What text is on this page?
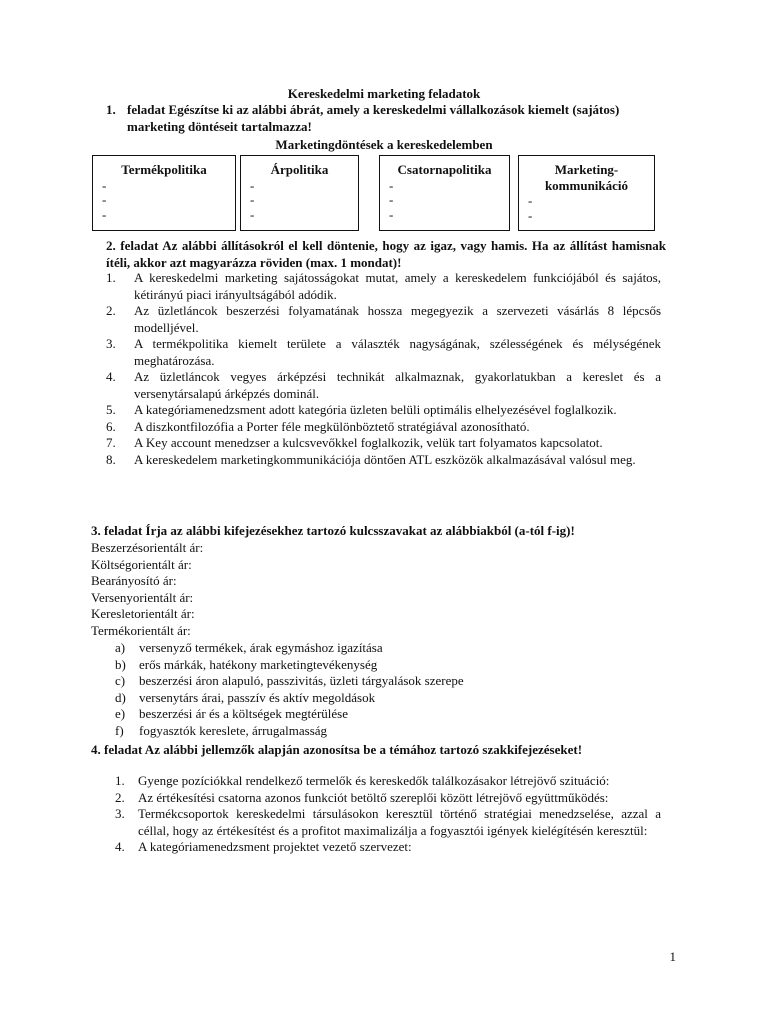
Kereskedelmi marketing feladatok
1. feladat Egészítse ki az alábbi ábrát, amely a kereskedelmi vállalkozások kiemelt (sajátos) marketing döntéseit tartalmazza!
Marketingdöntések a kereskedelemben
Termékpolitika
-
-
-
Árpolitika
-
-
-
Csatornapolitika
-
-
-
Marketing-kommunikáció
-
-
2. feladat Az alábbi állításokról el kell döntenie, hogy az igaz, vagy hamis. Ha az állítást hamisnak ítéli, akkor azt magyarázza röviden (max. 1 mondat)!
1. A kereskedelmi marketing sajátosságokat mutat, amely a kereskedelem funkciójából és sajátos, kétirányú piaci irányultságából adódik.
2. Az üzletláncok beszerzési folyamatának hossza megegyezik a szervezeti vásárlás 8 lépcsős modelljével.
3. A termékpolitika kiemelt területe a választék nagyságának, szélességének és mélységének meghatározása.
4. Az üzletláncok vegyes árképzési technikát alkalmaznak, gyakorlatukban a kereslet és a versenytársalapú árképzés dominál.
5. A kategóriamenedzsment adott kategória üzleten belüli optimális elhelyezésével foglalkozik.
6. A diszkontfilozófia a Porter féle megkülönböztető stratégiával azonosítható.
7. A Key account menedzser a kulcsvevőkkel foglalkozik, velük tart folyamatos kapcsolatot.
8. A kereskedelem marketingkommunikációja döntően ATL eszközök alkalmazásával valósul meg.
3. feladat Írja az alábbi kifejezésekhez tartozó kulcsszavakat az alábbiakból (a-tól f-ig)!
Beszerzésorientált ár:
Költségorientált ár:
Bearányosító ár:
Versenyorientált ár:
Keresletorientált ár:
Termékorientált ár:
a) versenyző termékek, árak egymáshoz igazítása
b) erős márkák, hatékony marketingtevékenység
c) beszerzési áron alapuló, passzivitás, üzleti tárgyalások szerepe
d) versenytárs árai, passzív és aktív megoldások
e) beszerzési ár és a költségek megtérülése
f) fogyasztók kereslete, árrugalmasság
4. feladat Az alábbi jellemzők alapján azonosítsa be a témához tartozó szakkifejezéseket!
1. Gyenge pozíciókkal rendelkező termelők és kereskedők találkozásakor létrejövő szituáció:
2. Az értékesítési csatorna azonos funkciót betöltő szereplői között létrejövő együttműködés:
3. Termékcsoportok kereskedelmi társulásokon keresztül történő stratégiai menedzselése, azzal a céllal, hogy az értékesítést és a profitot maximalizálja a fogyasztói igények kielégítésén keresztül:
4. A kategóriamenedzsment projektet vezető szervezet:
1
